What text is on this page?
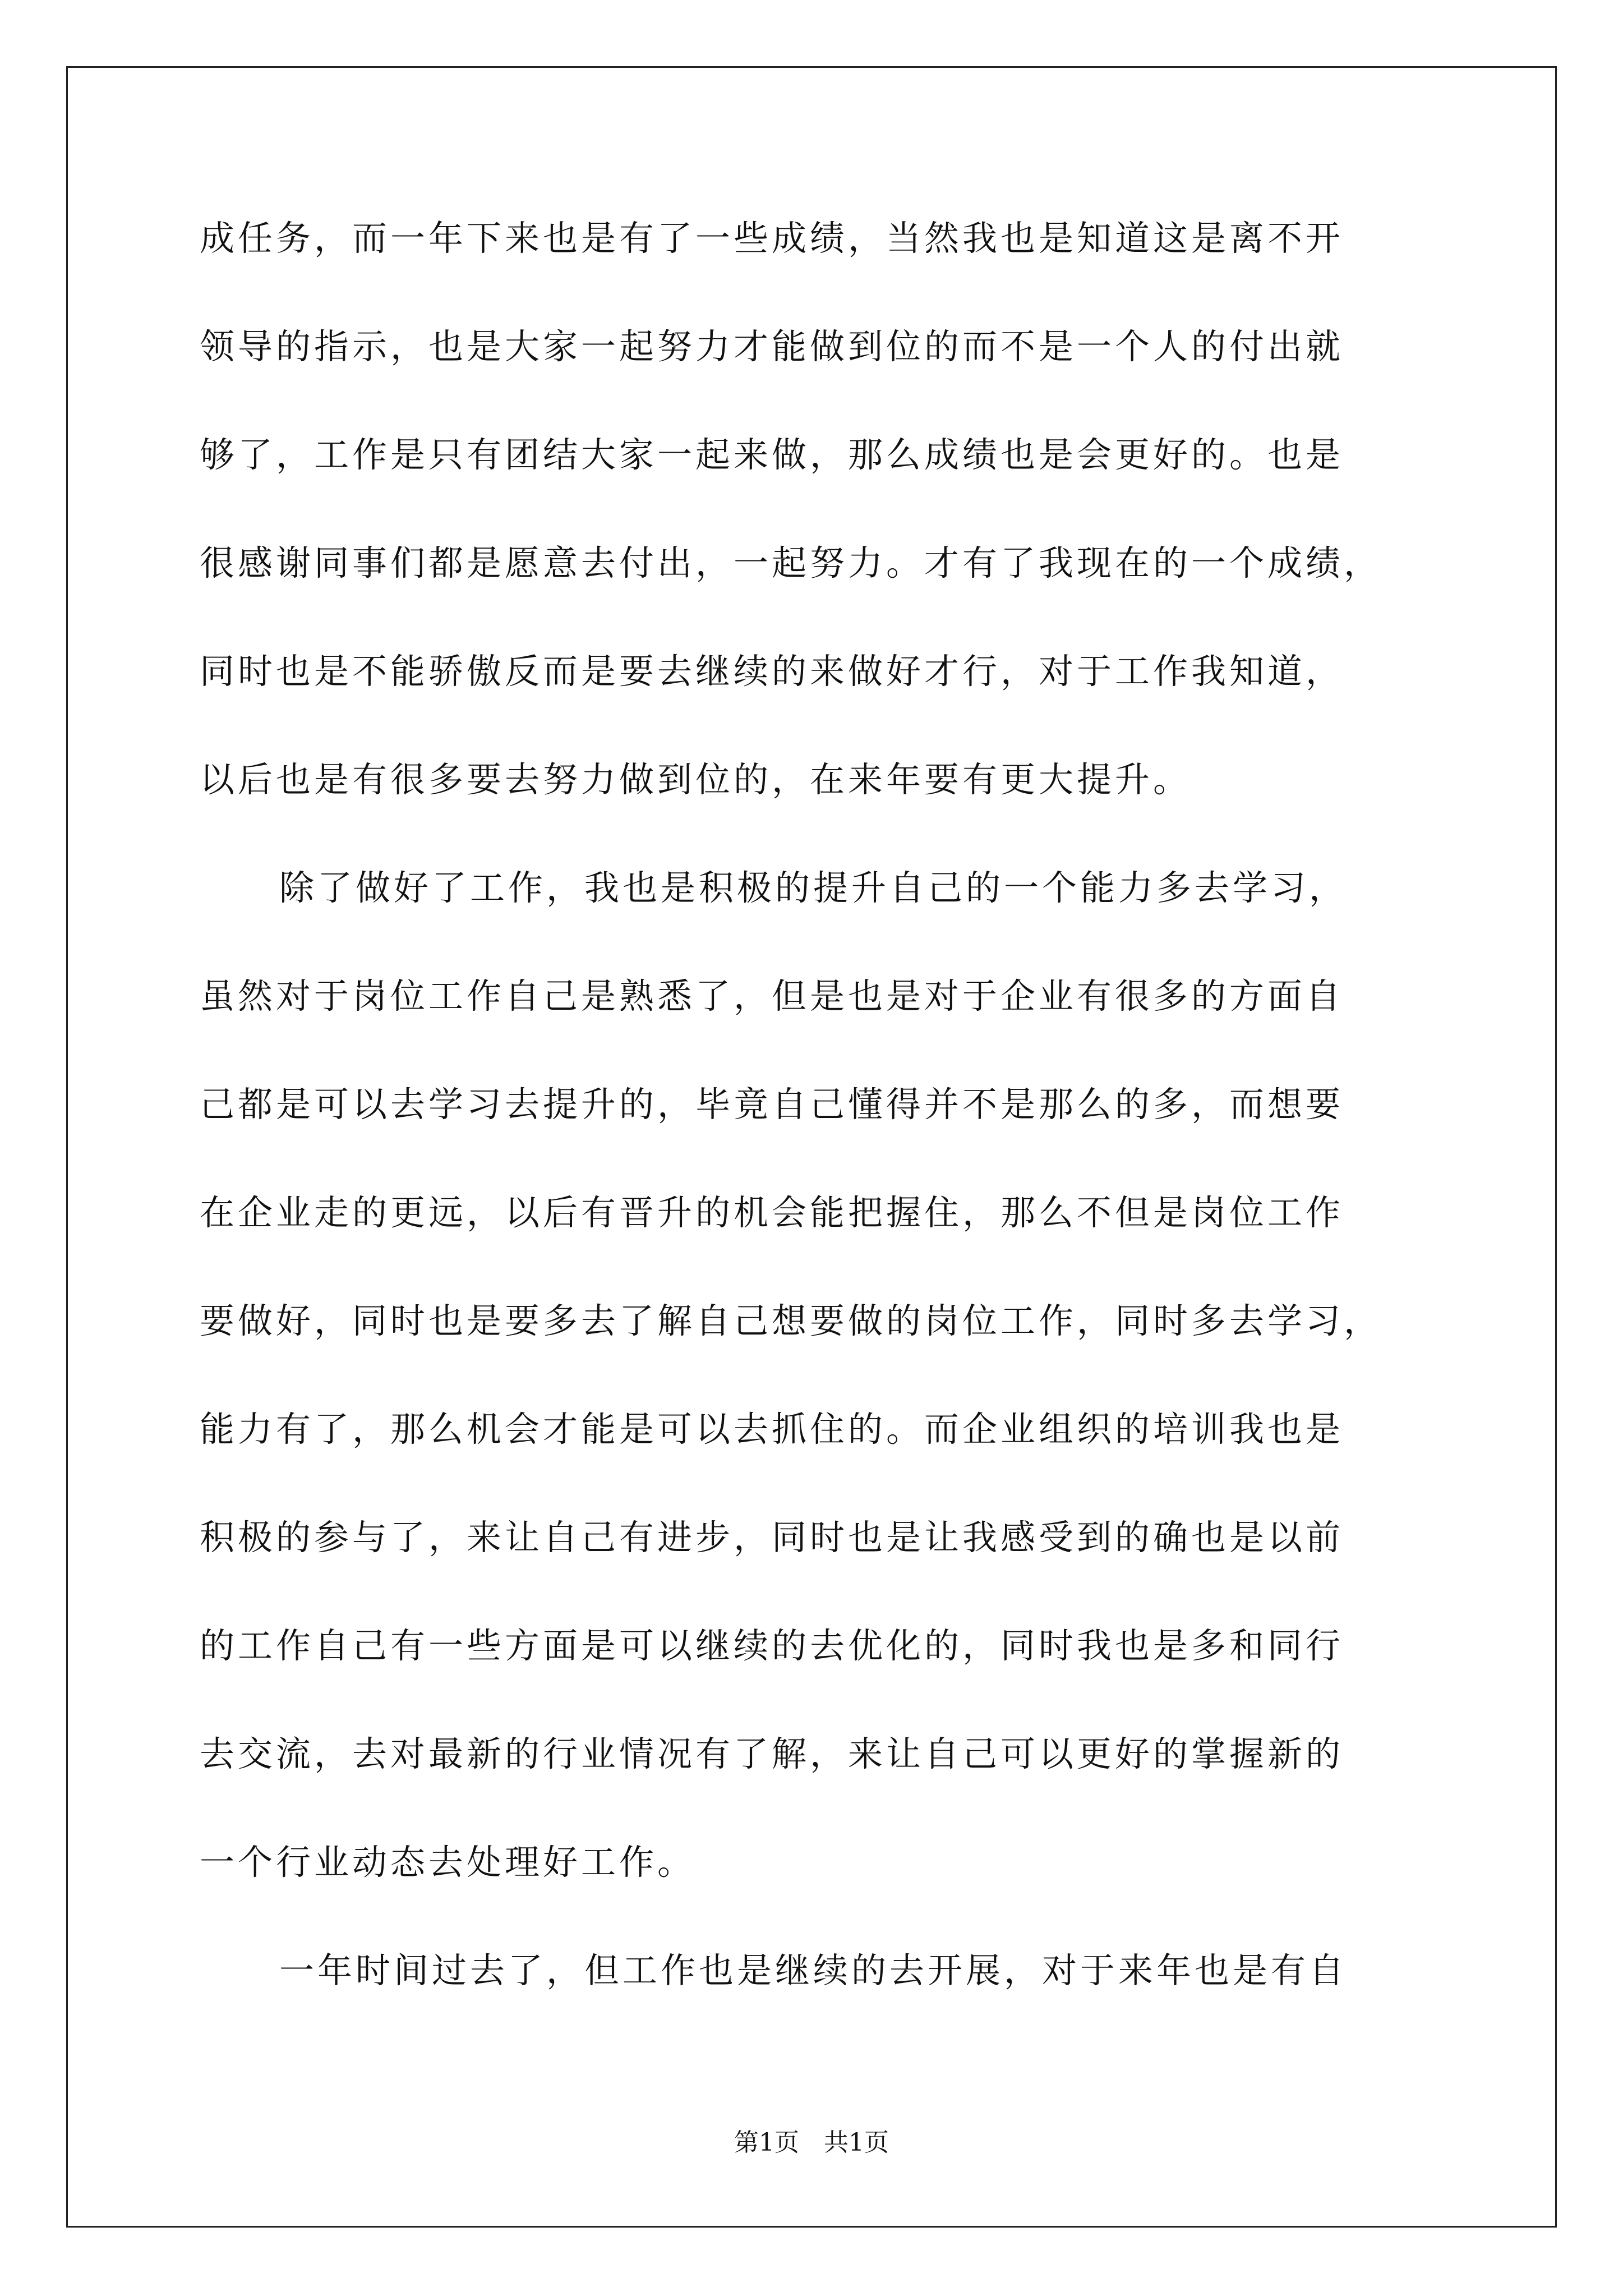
成任务，而一年下来也是有了一些成绩，当然我也是知道这是离不开
领导的指示，也是大家一起努力才能做到位的而不是一个人的付出就
够了，工作是只有团结大家一起来做，那么成绩也是会更好的。也是
很感谢同事们都是愿意去付出，一起努力。才有了我现在的一个成绩，
同时也是不能骄傲反而是要去继续的来做好才行，对于工作我知道，
以后也是有很多要去努力做到位的，在来年要有更大提升。
除了做好了工作，我也是积极的提升自己的一个能力多去学习，
虽然对于岗位工作自己是熟悉了，但是也是对于企业有很多的方面自
己都是可以去学习去提升的，毕竟自己懂得并不是那么的多，而想要
在企业走的更远，以后有晋升的机会能把握住，那么不但是岗位工作
要做好，同时也是要多去了解自己想要做的岗位工作，同时多去学习，
能力有了，那么机会才能是可以去抓住的。而企业组织的培训我也是
积极的参与了，来让自己有进步，同时也是让我感受到的确也是以前
的工作自己有一些方面是可以继续的去优化的，同时我也是多和同行
去交流，去对最新的行业情况有了解，来让自己可以更好的掌握新的
一个行业动态去处理好工作。
一年时间过去了，但工作也是继续的去开展，对于来年也是有自
第1页 共1页
